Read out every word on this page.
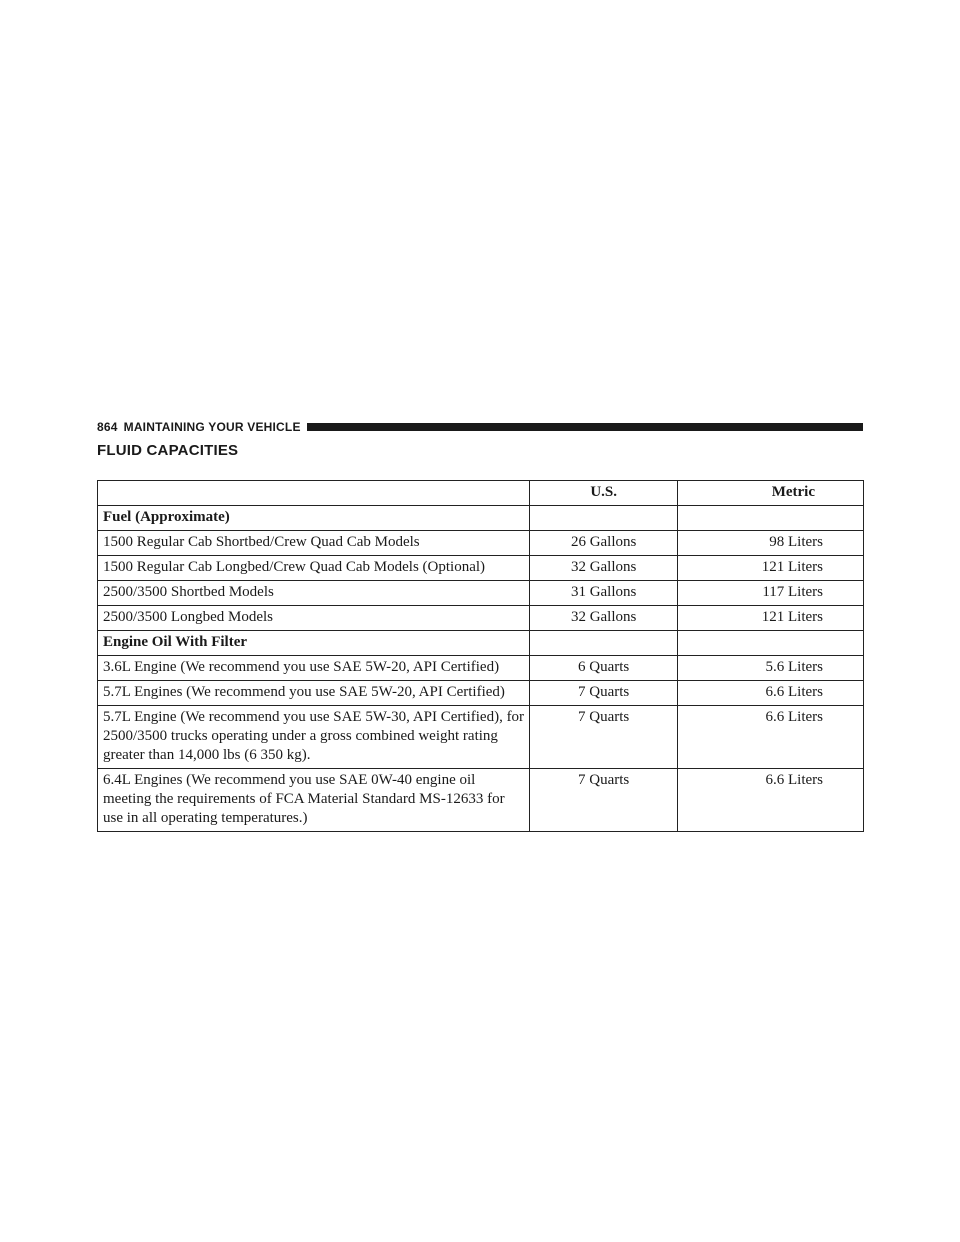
864 MAINTAINING YOUR VEHICLE
FLUID CAPACITIES
	U.S.	Metric
Fuel (Approximate)		
1500 Regular Cab Shortbed/Crew Quad Cab Models	26 Gallons	98 Liters
1500 Regular Cab Longbed/Crew Quad Cab Models (Optional)	32 Gallons	121 Liters
2500/3500 Shortbed Models	31 Gallons	117 Liters
2500/3500 Longbed Models	32 Gallons	121 Liters
Engine Oil With Filter		
3.6L Engine (We recommend you use SAE 5W-20, API Certified)	6 Quarts	5.6 Liters
5.7L Engines (We recommend you use SAE 5W-20, API Certified)	7 Quarts	6.6 Liters
5.7L Engine (We recommend you use SAE 5W-30, API Certified), for 2500/3500 trucks operating under a gross combined weight rating greater than 14,000 lbs (6 350 kg).	7 Quarts	6.6 Liters
6.4L Engines (We recommend you use SAE 0W-40 engine oil meeting the requirements of FCA Material Standard MS-12633 for use in all operating temperatures.)	7 Quarts	6.6 Liters
